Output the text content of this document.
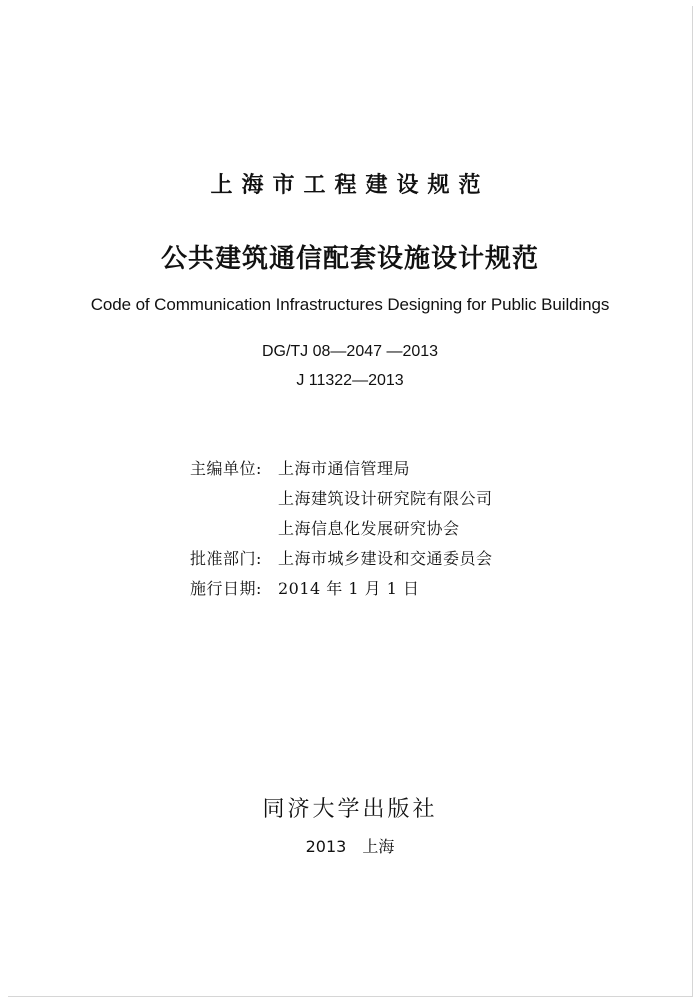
上海市工程建设规范
公共建筑通信配套设施设计规范
Code of Communication Infrastructures Designing for Public Buildings
DG/TJ 08—2047 —2013
J 11322—2013
主编单位:	上海市通信管理局
上海建筑设计研究院有限公司
上海信息化发展研究协会
批准部门:	上海市城乡建设和交通委员会
施行日期:	2014 年 1 月 1 日
同济大学出版社
2013　上海
